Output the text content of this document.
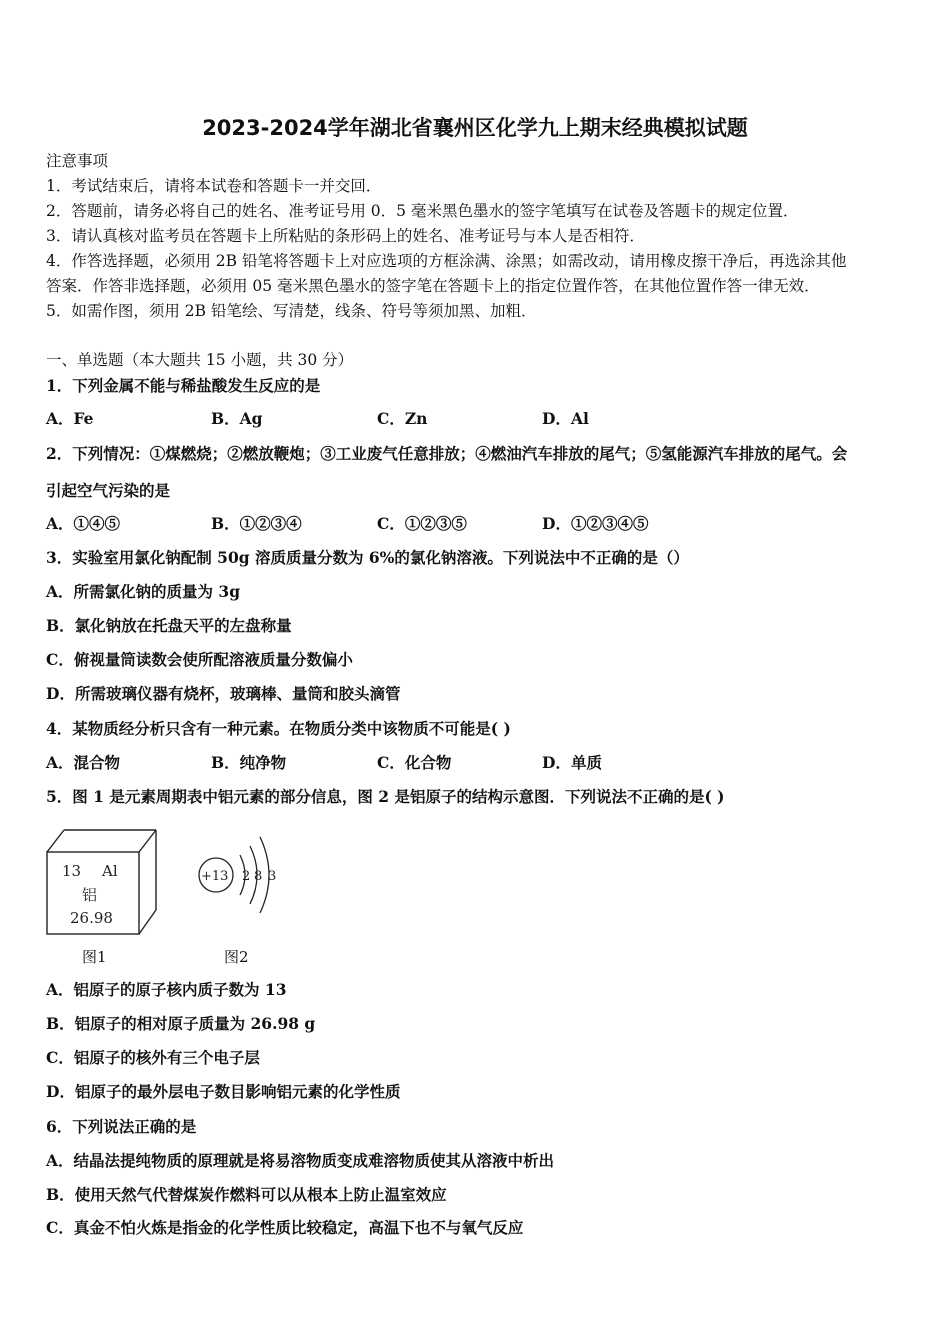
2023-2024学年湖北省襄州区化学九上期末经典模拟试题
注意事项
1．考试结束后，请将本试卷和答题卡一并交回．
2．答题前，请务必将自己的姓名、准考证号用 0．5 毫米黑色墨水的签字笔填写在试卷及答题卡的规定位置．
3．请认真核对监考员在答题卡上所粘贴的条形码上的姓名、准考证号与本人是否相符．
4．作答选择题，必须用 2B 铅笔将答题卡上对应选项的方框涂满、涂黑；如需改动，请用橡皮擦干净后，再选涂其他
答案．作答非选择题，必须用 05 毫米黑色墨水的签字笔在答题卡上的指定位置作答，在其他位置作答一律无效．
5．如需作图，须用 2B 铅笔绘、写清楚，线条、符号等须加黑、加粗．
一、单选题（本大题共 15 小题，共 30 分）
1．下列金属不能与稀盐酸发生反应的是
A．Fe	B．Ag	C．Zn	D．Al
2．下列情况：①煤燃烧；②燃放鞭炮；③工业废气任意排放；④燃油汽车排放的尾气；⑤氢能源汽车排放的尾气。会
引起空气污染的是
A．①④⑤	B．①②③④	C．①②③⑤	D．①②③④⑤
3．实验室用氯化钠配制 50g 溶质质量分数为 6%的氯化钠溶液。下列说法中不正确的是（）
A．所需氯化钠的质量为 3g
B．氯化钠放在托盘天平的左盘称量
C．俯视量筒读数会使所配溶液质量分数偏小
D．所需玻璃仪器有烧杯，玻璃棒、量筒和胶头滴管
4．某物质经分析只含有一种元素。在物质分类中该物质不可能是( )
A．混合物	B．纯净物	C．化合物	D．单质
5．图 1 是元素周期表中铝元素的部分信息，图 2 是铝原子的结构示意图．下列说法不正确的是( )
13 Al
铝
26.98
+13 2 8 3
图1	图2
A．铝原子的原子核内质子数为 13
B．铝原子的相对原子质量为 26.98 g
C．铝原子的核外有三个电子层
D．铝原子的最外层电子数目影响铝元素的化学性质
6．下列说法正确的是
A．结晶法提纯物质的原理就是将易溶物质变成难溶物质使其从溶液中析出
B．使用天然气代替煤炭作燃料可以从根本上防止温室效应
C．真金不怕火炼是指金的化学性质比较稳定，高温下也不与氧气反应
